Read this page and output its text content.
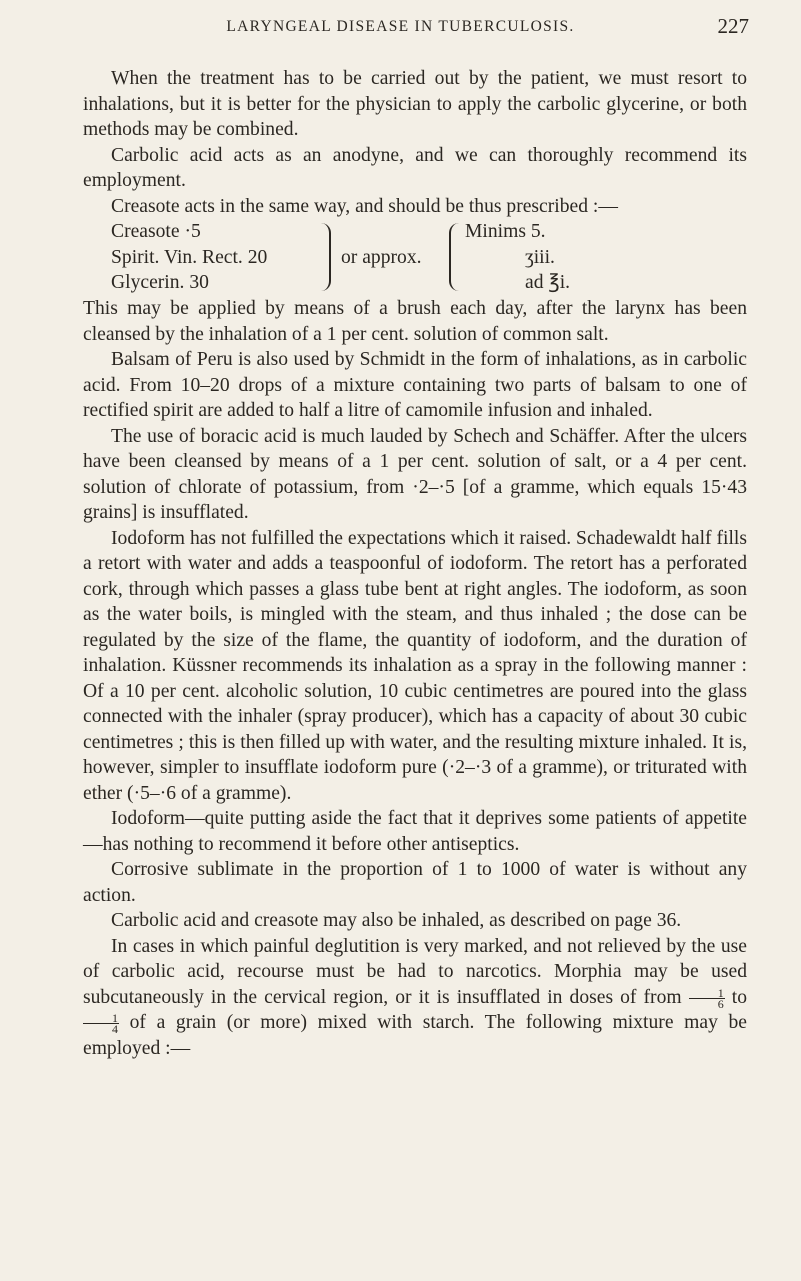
LARYNGEAL DISEASE IN TUBERCULOSIS.	227

When the treatment has to be carried out by the patient, we must resort to inhalations, but it is better for the physician to apply the carbolic glycerine, or both methods may be combined.

Carbolic acid acts as an anodyne, and we can thoroughly recommend its employment.

Creasote acts in the same way, and should be thus prescribed :—

Creasote ·5
Spirit. Vin. Rect. 20
Glycerin. 30
or approx.
Minims 5.
ʒiii.
ad ℥i.

This may be applied by means of a brush each day, after the larynx has been cleansed by the inhalation of a 1 per cent. solution of common salt.

Balsam of Peru is also used by Schmidt in the form of inhalations, as in carbolic acid. From 10–20 drops of a mixture containing two parts of balsam to one of rectified spirit are added to half a litre of camomile infusion and inhaled.

The use of boracic acid is much lauded by Schech and Schäffer. After the ulcers have been cleansed by means of a 1 per cent. solution of salt, or a 4 per cent. solution of chlorate of potassium, from ·2–·5 [of a gramme, which equals 15·43 grains] is insufflated.

Iodoform has not fulfilled the expectations which it raised. Schadewaldt half fills a retort with water and adds a teaspoonful of iodoform. The retort has a perforated cork, through which passes a glass tube bent at right angles. The iodoform, as soon as the water boils, is mingled with the steam, and thus inhaled ; the dose can be regulated by the size of the flame, the quantity of iodoform, and the duration of inhalation. Küssner recommends its inhalation as a spray in the following manner : Of a 10 per cent. alcoholic solution, 10 cubic centimetres are poured into the glass connected with the inhaler (spray producer), which has a capacity of about 30 cubic centimetres ; this is then filled up with water, and the resulting mixture inhaled. It is, however, simpler to insufflate iodoform pure (·2–·3 of a gramme), or triturated with ether (·5–·6 of a gramme).

Iodoform—quite putting aside the fact that it deprives some patients of appetite—has nothing to recommend it before other antiseptics.

Corrosive sublimate in the proportion of 1 to 1000 of water is without any action.

Carbolic acid and creasote may also be inhaled, as described on page 36.

In cases in which painful deglutition is very marked, and not relieved by the use of carbolic acid, recourse must be had to narcotics. Morphia may be used subcutaneously in the cervical region, or it is insufflated in doses of from $\frac{1}{6}$ to
$\frac{1}{4}$ of a grain (or more) mixed with starch. The following mixture may be employed :—
